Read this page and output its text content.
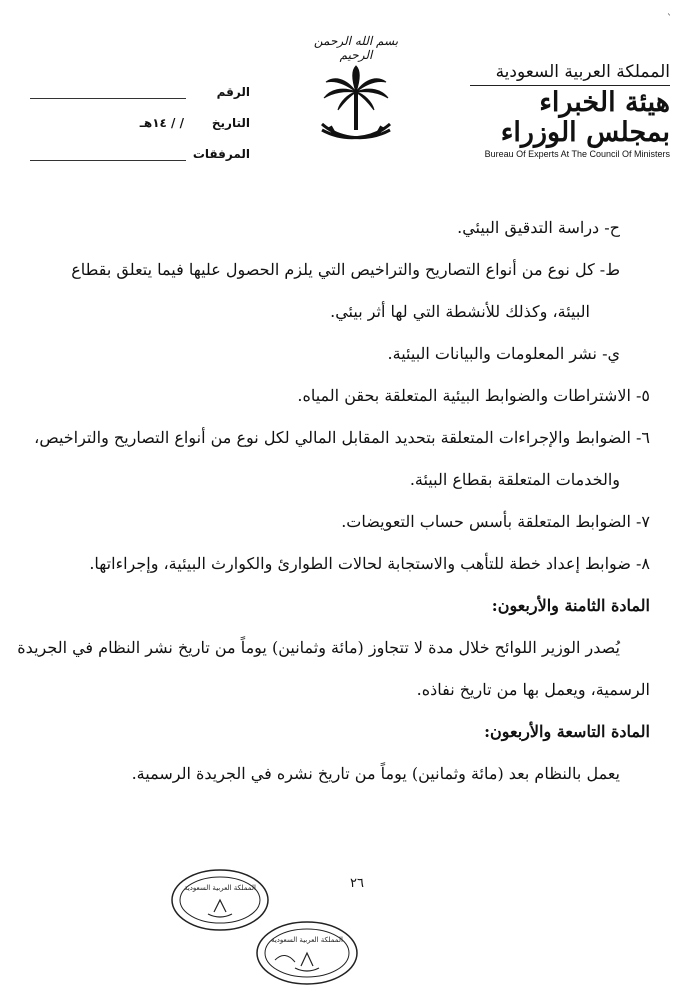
`
المملكة العربية السعودية
هيئة الخبراء بمجلس الوزراء
Bureau Of Experts At The Council Of Ministers
بسم الله الرحمن الرحيم
الرقم
التاريخ
/ / ١٤هـ
المرفقات
ح- دراسة التدقيق البيئي.
ط- كل نوع من أنواع التصاريح والتراخيص التي يلزم الحصول عليها فيما يتعلق بقطاع
البيئة، وكذلك للأنشطة التي لها أثر بيئي.
ي- نشر المعلومات والبيانات البيئية.
٥- الاشتراطات والضوابط البيئية المتعلقة بحقن المياه.
٦- الضوابط والإجراءات المتعلقة بتحديد المقابل المالي لكل نوع من أنواع التصاريح والتراخيص،
والخدمات المتعلقة بقطاع البيئة.
٧- الضوابط المتعلقة بأسس حساب التعويضات.
٨- ضوابط إعداد خطة للتأهب والاستجابة لحالات الطوارئ والكوارث البيئية، وإجراءاتها.
المادة الثامنة والأربعون:
يُصدر الوزير اللوائح خلال مدة لا تتجاوز (مائة وثمانين) يوماً من تاريخ نشر النظام في الجريدة
الرسمية، ويعمل بها من تاريخ نفاذه.
المادة التاسعة والأربعون:
يعمل بالنظام بعد (مائة وثمانين) يوماً من تاريخ نشره في الجريدة الرسمية.
٢٦
المملكة العربية السعودية
المملكة العربية السعودية
